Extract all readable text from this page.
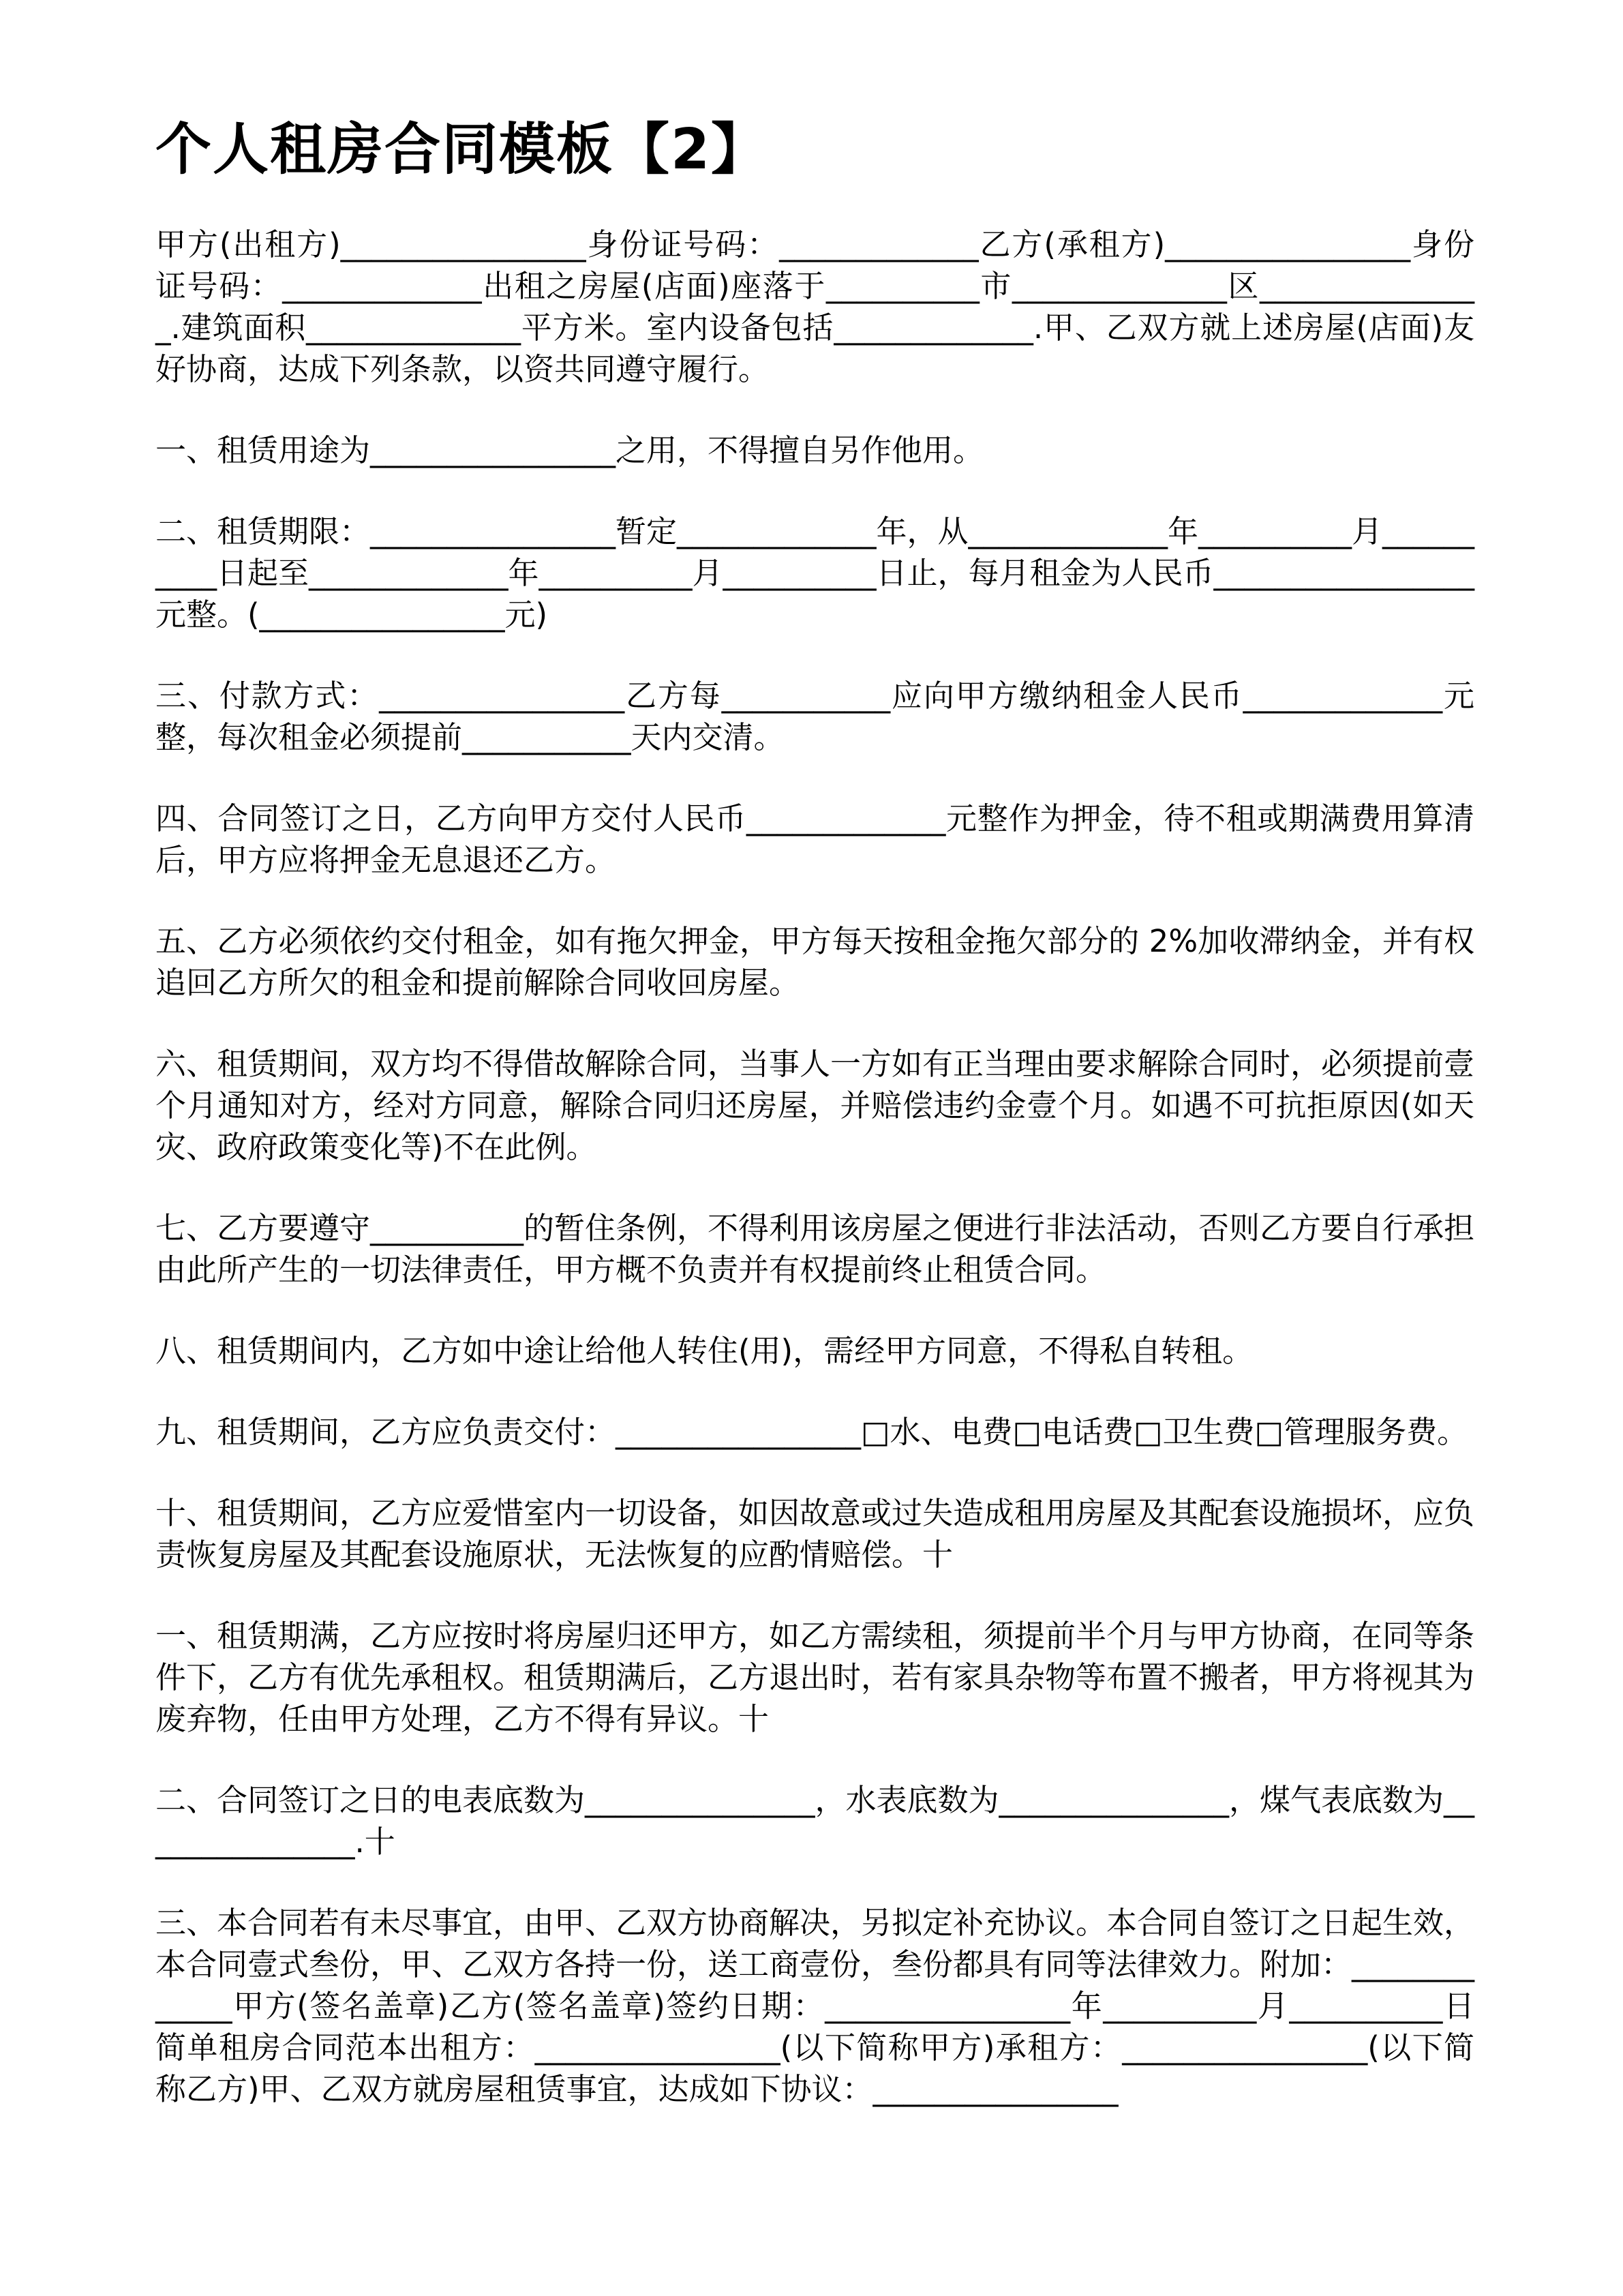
个人租房合同模板【2】

甲方(出租方)________________身份证号码：_____________乙方(承租方)________________身份证号码：_____________出租之房屋(店面)座落于__________市______________区_______________.建筑面积______________平方米。室内设备包括_____________.甲、乙双方就上述房屋(店面)友好协商，达成下列条款，以资共同遵守履行。

一、租赁用途为________________之用，不得擅自另作他用。

二、租赁期限：________________暂定_____________年，从_____________年__________月__________日起至_____________年__________月__________日止，每月租金为人民币_________________元整。(________________元)

三、付款方式：________________乙方每___________应向甲方缴纳租金人民币_____________元整，每次租金必须提前___________天内交清。

四、合同签订之日，乙方向甲方交付人民币_____________元整作为押金，待不租或期满费用算清后，甲方应将押金无息退还乙方。

五、乙方必须依约交付租金，如有拖欠押金，甲方每天按租金拖欠部分的 2%加收滞纳金，并有权追回乙方所欠的租金和提前解除合同收回房屋。

六、租赁期间，双方均不得借故解除合同，当事人一方如有正当理由要求解除合同时，必须提前壹个月通知对方，经对方同意，解除合同归还房屋，并赔偿违约金壹个月。如遇不可抗拒原因(如天灾、政府政策变化等)不在此例。

七、乙方要遵守__________的暂住条例，不得利用该房屋之便进行非法活动，否则乙方要自行承担由此所产生的一切法律责任，甲方概不负责并有权提前终止租赁合同。

八、租赁期间内，乙方如中途让给他人转住(用)，需经甲方同意，不得私自转租。

九、租赁期间，乙方应负责交付：________________□水、电费□电话费□卫生费□管理服务费。

十、租赁期间，乙方应爱惜室内一切设备，如因故意或过失造成租用房屋及其配套设施损坏，应负责恢复房屋及其配套设施原状，无法恢复的应酌情赔偿。十

一、租赁期满，乙方应按时将房屋归还甲方，如乙方需续租，须提前半个月与甲方协商，在同等条件下，乙方有优先承租权。租赁期满后，乙方退出时，若有家具杂物等布置不搬者，甲方将视其为废弃物，任由甲方处理，乙方不得有异议。十

二、合同签订之日的电表底数为_______________，水表底数为_______________，煤气表底数为_______________.十

三、本合同若有未尽事宜，由甲、乙双方协商解决，另拟定补充协议。本合同自签订之日起生效，本合同壹式叁份，甲、乙双方各持一份，送工商壹份，叁份都具有同等法律效力。附加：_____________甲方(签名盖章)乙方(签名盖章)签约日期：________________年__________月__________日简单租房合同范本出租方：________________(以下简称甲方)承租方：________________(以下简称乙方)甲、乙双方就房屋租赁事宜，达成如下协议：________________
